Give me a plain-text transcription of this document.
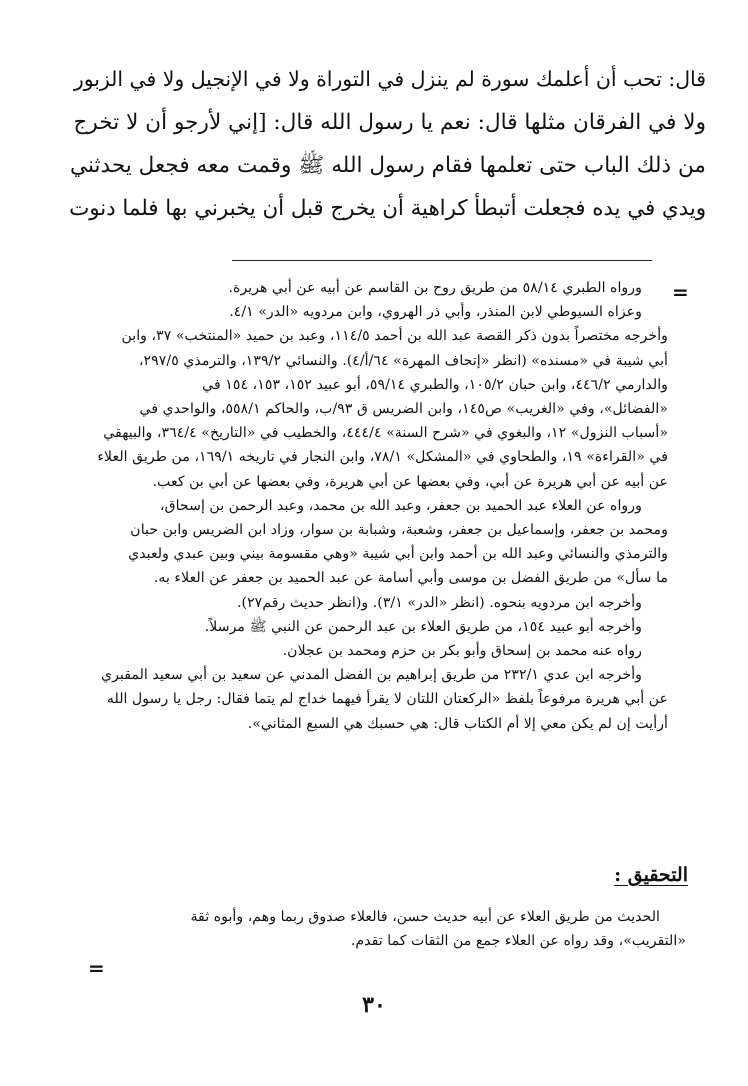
قال: تحب أن أعلمك سورة لم ينزل في التوراة ولا في الإنجيل ولا في الزبور

ولا في الفرقان مثلها قال: نعم يا رسول الله قال: [إني لأرجو أن لا تخرج

من ذلك الباب حتى تعلمها فقام رسول الله ﷺ وقمت معه فجعل يحدثني

ويدي في يده فجعلت أتبطأ كراهية أن يخرج قبل أن يخبرني بها فلما دنوت

=

ورواه الطبري ٥٨/١٤ من طريق روح بن القاسم عن أبيه عن أبي هريرة.

وعزاه السيوطي لابن المنذر، وأبي ذر الهروي، وابن مردويه «الدر» ٤/١.

وأخرجه مختصراً بدون ذكر القصة عبد الله بن أحمد ١١٤/٥، وعبد بن حميد «المنتخب» ٣٧، وابن

أبي شيبة في «مسنده» (انظر «إتحاف المهرة» ٦٤/أ/٤). والنسائي ١٣٩/٢، والترمذي ٢٩٧/٥،

والدارمي ٤٤٦/٢، وابن حبان ١٠٥/٢، والطبري ٥٩/١٤، أبو عبيد ١٥٢، ١٥٣، ١٥٤ في

«الفضائل»، وفي «الغريب» ص١٤٥، وابن الضريس ق ٩٣/ب، والحاكم ٥٥٨/١، والواحدي في

«أسباب النزول» ١٢، والبغوي في «شرح السنة» ٤٤٤/٤، والخطيب في «التاريخ» ٣٦٤/٤، والبيهقي

في «القراءة» ١٩، والطحاوي في «المشكل» ٧٨/١، وابن النجار في تاريخه ١٦٩/١، من طريق العلاء

عن أبيه عن أبي هريرة عن أبي، وفي بعضها عن أبي هريرة، وفي بعضها عن أبي بن كعب.

ورواه عن العلاء عبد الحميد بن جعفر، وعبد الله بن محمد، وعبد الرحمن بن إسحاق،

ومحمد بن جعفر، وإسماعيل بن جعفر، وشعبة، وشبابة بن سوار، وزاد ابن الضريس وابن حبان

والترمذي والنسائي وعبد الله بن أحمد وابن أبي شيبة «وهي مقسومة بيني وبين عبدي ولعبدي

ما سأل» من طريق الفضل بن موسى وأبي أسامة عن عبد الحميد بن جعفر عن العلاء به.

وأخرجه ابن مردويه بنحوه. (انظر «الدر» ٣/١). و(انظر حديث رقم٢٧).

وأخرجه أبو عبيد ١٥٤، من طريق العلاء بن عبد الرحمن عن النبي ﷺ مرسلاً.

رواه عنه محمد بن إسحاق وأبو بكر بن حزم ومحمد بن عجلان.

وأخرجه ابن عدي ٢٣٢/١ من طريق إبراهيم بن الفضل المدني عن سعيد بن أبي سعيد المقبري

عن أبي هريرة مرفوعاً بلفظ «الركعتان اللتان لا يقرأ فيهما خداج لم يتما فقال: رجل يا رسول الله

أرأيت إن لم يكن معي إلا أم الكتاب قال: هي حسبك هي السبع المثاني».

التحقيق :

الحديث من طريق العلاء عن أبيه حديث حسن، فالعلاء صدوق ربما وهم، وأبوه ثقة

«التقريب»، وقد رواه عن العلاء جمع من الثقات كما تقدم.

=
٣٠
